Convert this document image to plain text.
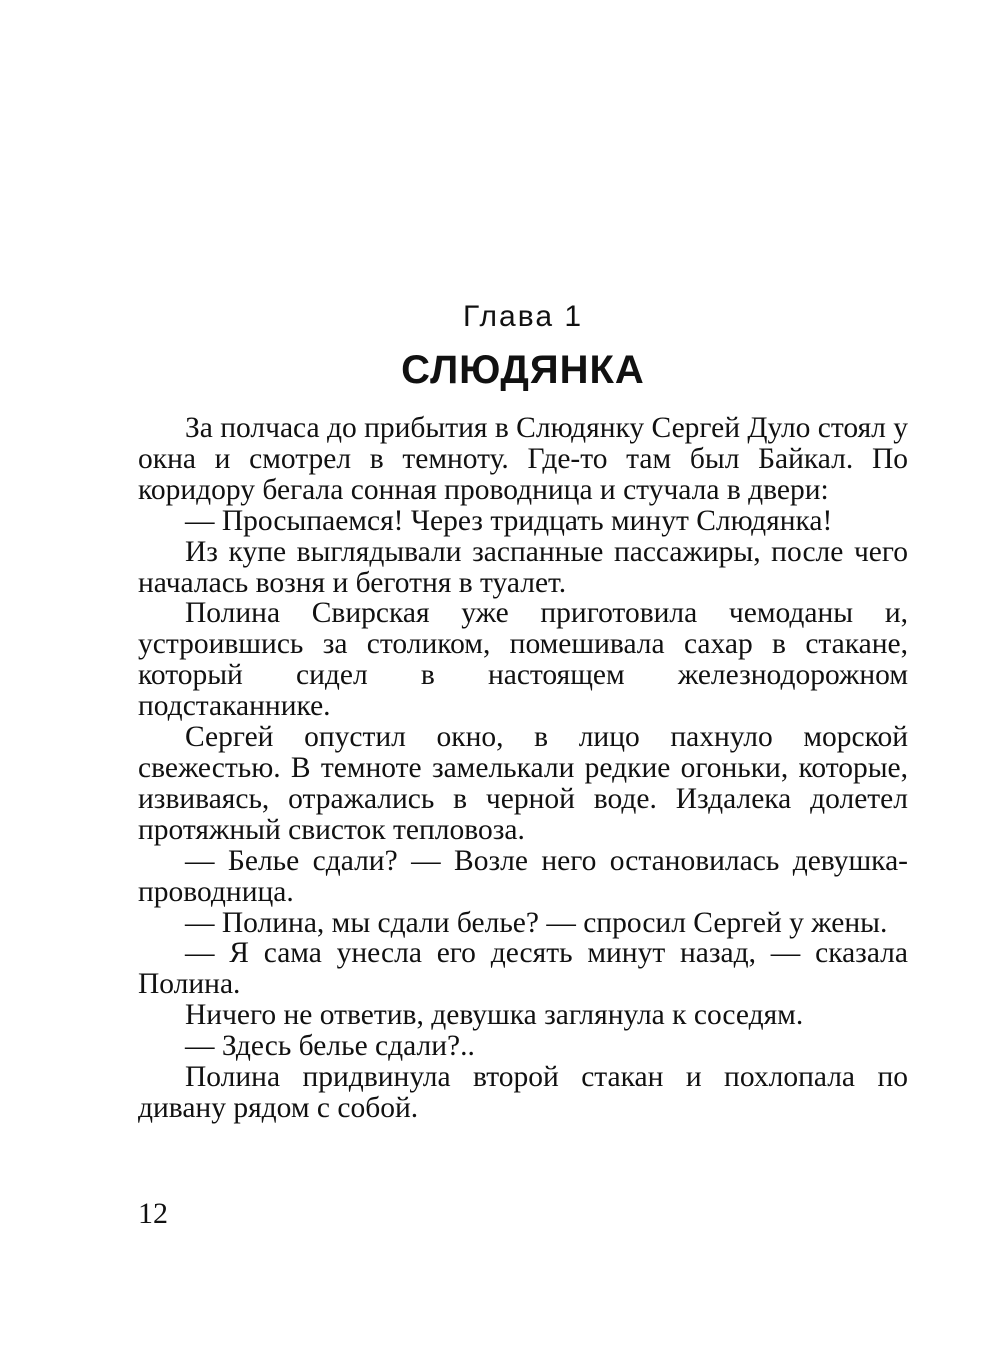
Глава 1
СЛЮДЯНКА

За полчаса до прибытия в Слюдянку Сергей Дуло стоял у окна и смотрел в темноту. Где-то там был Байкал. По коридору бегала сонная проводница и стучала в двери:

— Просыпаемся! Через тридцать минут Слюдянка!

Из купе выглядывали заспанные пассажиры, после чего началась возня и беготня в туалет.

Полина Свирская уже приготовила чемоданы и, устроившись за столиком, помешивала сахар в стакане, который сидел в настоящем железнодорожном подстаканнике.

Сергей опустил окно, в лицо пахнуло морской свежестью. В темноте замелькали редкие огоньки, которые, извиваясь, отражались в черной воде. Издалека долетел протяжный свисток тепловоза.

— Белье сдали? — Возле него остановилась девушка-проводница.

— Полина, мы сдали белье? — спросил Сергей у жены.

— Я сама унесла его десять минут назад, — сказала Полина.

Ничего не ответив, девушка заглянула к соседям.

— Здесь белье сдали?..

Полина придвинула второй стакан и похлопала по дивану рядом с собой.

12
